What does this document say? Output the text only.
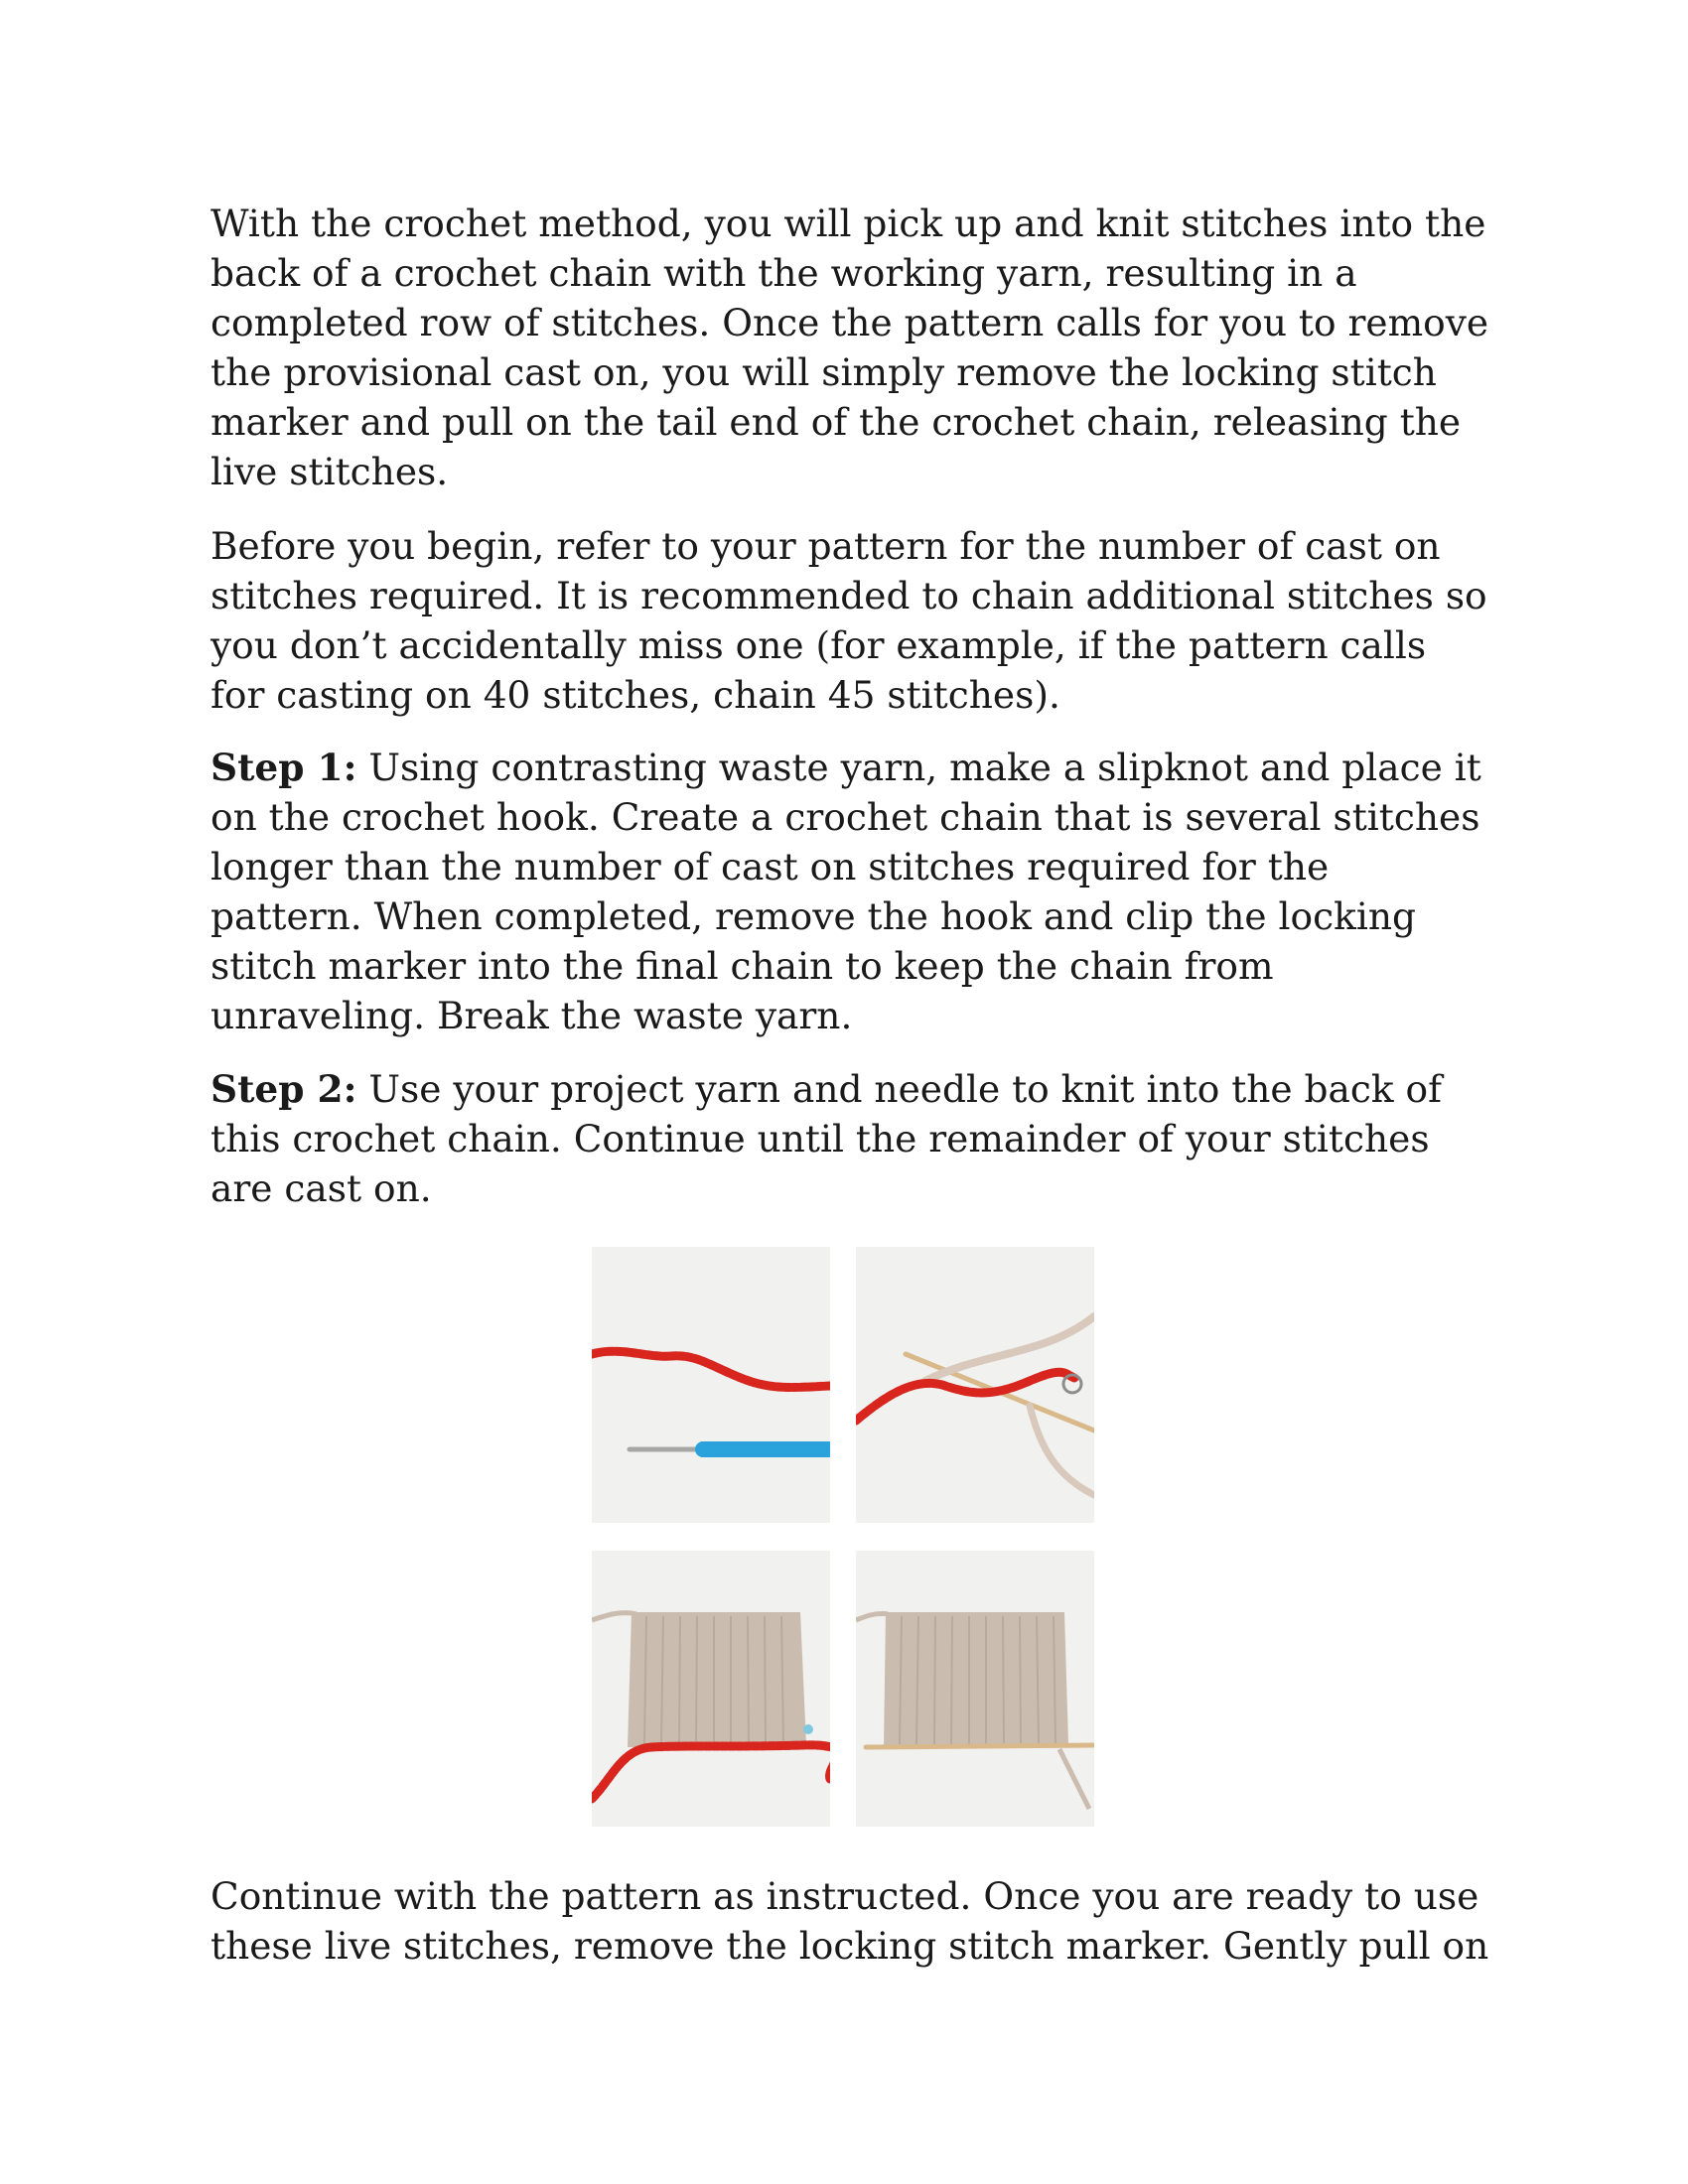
With the crochet method, you will pick up and knit stitches into the back of a crochet chain with the working yarn, resulting in a completed row of stitches. Once the pattern calls for you to remove the provisional cast on, you will simply remove the locking stitch marker and pull on the tail end of the crochet chain, releasing the live stitches.

Before you begin, refer to your pattern for the number of cast on stitches required. It is recommended to chain additional stitches so you don’t accidentally miss one (for example, if the pattern calls for casting on 40 stitches, chain 45 stitches).

Step 1: Using contrasting waste yarn, make a slipknot and place it on the crochet hook. Create a crochet chain that is several stitches longer than the number of cast on stitches required for the pattern. When completed, remove the hook and clip the locking stitch marker into the final chain to keep the chain from unraveling. Break the waste yarn.

Step 2: Use your project yarn and needle to knit into the back of this crochet chain. Continue until the remainder of your stitches are cast on.

Continue with the pattern as instructed. Once you are ready to use these live stitches, remove the locking stitch marker. Gently pull on
